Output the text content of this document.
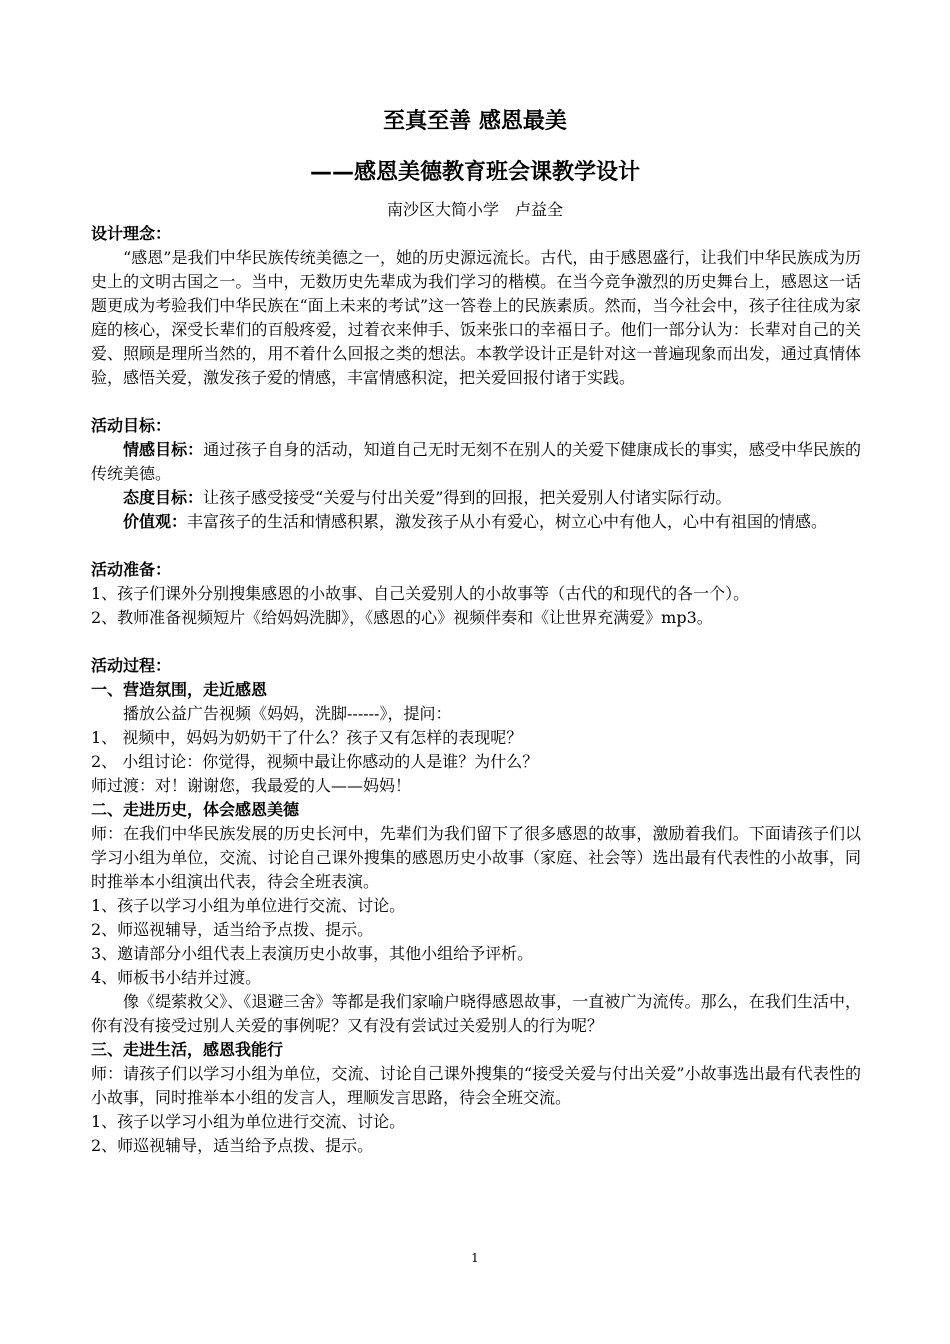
至真至善 感恩最美
——感恩美德教育班会课教学设计
南沙区大简小学　卢益全

设计理念：

“感恩”是我们中华民族传统美德之一，她的历史源远流长。古代，由于感恩盛行，让我们中华民族成为历史上的文明古国之一。当中，无数历史先辈成为我们学习的楷模。在当今竞争激烈的历史舞台上，感恩这一话题更成为考验我们中华民族在“面上未来的考试”这一答卷上的民族素质。然而，当今社会中，孩子往往成为家庭的核心，深受长辈们的百般疼爱，过着衣来伸手、饭来张口的幸福日子。他们一部分认为：长辈对自己的关爱、照顾是理所当然的，用不着什么回报之类的想法。本教学设计正是针对这一普遍现象而出发，通过真情体验，感悟关爱，激发孩子爱的情感，丰富情感积淀，把关爱回报付诸于实践。

活动目标：

情感目标：通过孩子自身的活动，知道自己无时无刻不在别人的关爱下健康成长的事实，感受中华民族的传统美德。

态度目标：让孩子感受接受“关爱与付出关爱”得到的回报，把关爱别人付诸实际行动。

价值观：丰富孩子的生活和情感积累，激发孩子从小有爱心，树立心中有他人，心中有祖国的情感。

活动准备：

1、孩子们课外分别搜集感恩的小故事、自己关爱别人的小故事等（古代的和现代的各一个）。

2、教师准备视频短片《给妈妈洗脚》，《感恩的心》视频伴奏和《让世界充满爱》mp3。

活动过程：

一、营造氛围，走近感恩

播放公益广告视频《妈妈，洗脚------》，提问：

1、 视频中，妈妈为奶奶干了什么？孩子又有怎样的表现呢？

2、 小组讨论：你觉得，视频中最让你感动的人是谁？为什么？

师过渡：对！谢谢您，我最爱的人——妈妈！

二、走进历史，体会感恩美德

师：在我们中华民族发展的历史长河中，先辈们为我们留下了很多感恩的故事，激励着我们。下面请孩子们以学习小组为单位，交流、讨论自己课外搜集的感恩历史小故事（家庭、社会等）选出最有代表性的小故事，同时推举本小组演出代表，待会全班表演。

1、孩子以学习小组为单位进行交流、讨论。

2、师巡视辅导，适当给予点拨、提示。

3、邀请部分小组代表上表演历史小故事，其他小组给予评析。

4、师板书小结并过渡。

像《缇萦救父》、《退避三舍》等都是我们家喻户晓得感恩故事，一直被广为流传。那么，在我们生活中，你有没有接受过别人关爱的事例呢？又有没有尝试过关爱别人的行为呢？

三、走进生活，感恩我能行

师：请孩子们以学习小组为单位，交流、讨论自己课外搜集的“接受关爱与付出关爱”小故事选出最有代表性的小故事，同时推举本小组的发言人，理顺发言思路，待会全班交流。

1、孩子以学习小组为单位进行交流、讨论。

2、师巡视辅导，适当给予点拨、提示。

1
